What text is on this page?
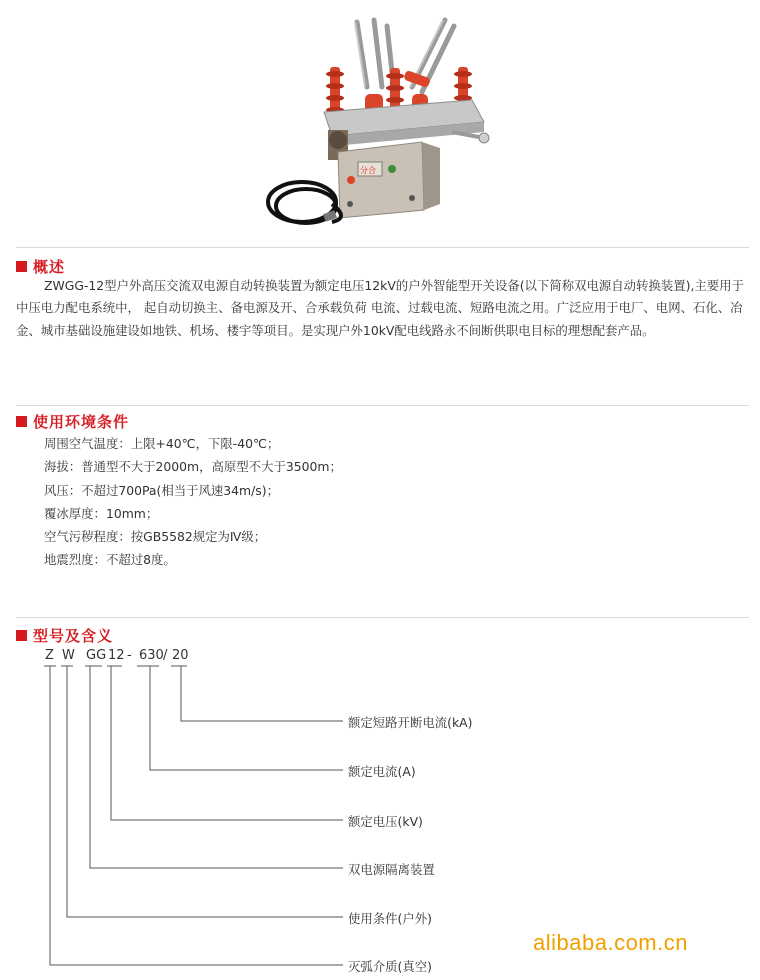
分合
概述

ZWGG-12型户外高压交流双电源自动转换装置为额定电压12kV的户外智能型开关设备(以下简称双电源自动转换装置),主要用于中压电力配电系统中， 起自动切换主、备电源及开、合承载负荷 电流、过载电流、短路电流之用。广泛应用于电厂、电网、石化、冶金、城市基础设施建设如地铁、机场、楼宇等项目。是实现户外10kV配电线路永不间断供职电目标的理想配套产品。

使用环境条件
周围空气温度：上限+40℃，下限-40℃；
海拔：普通型不大于2000m，高原型不大于3500m；
风压：不超过700Pa(相当于风速34m/s)；
覆冰厚度：10mm；
空气污秽程度：按GB5582规定为Ⅳ级；
地震烈度：不超过8度。
型号及含义
Z W GG 12 - 630 / 20
额定短路开断电流(kA)
额定电流(A)
额定电压(kV)
双电源隔离装置
使用条件(户外)
灭弧介质(真空)
alibaba.com.cn
